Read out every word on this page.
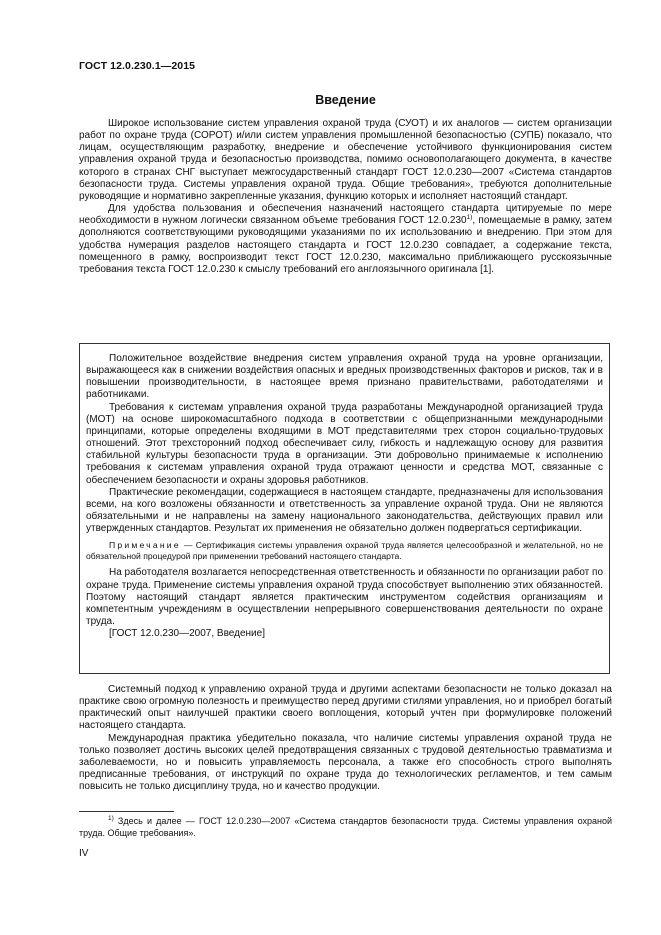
ГОСТ 12.0.230.1—2015
Введение

Широкое использование систем управления охраной труда (СУОТ) и их аналогов — систем организации работ по охране труда (СОРОТ) и/или систем управления промышленной безопасностью (СУПБ) показало, что лицам, осуществляющим разработку, внедрение и обеспечение устойчивого функционирования систем управления охраной труда и безопасностью производства, помимо основополагающего документа, в качестве которого в странах СНГ выступает межгосударственный стандарт ГОСТ 12.0.230—2007 «Система стандартов безопасности труда. Системы управления охраной труда. Общие требования», требуются дополнительные руководящие и нормативно закрепленные указания, функцию которых и исполняет настоящий стандарт.

Для удобства пользования и обеспечения назначений настоящего стандарта цитируемые по мере необходимости в нужном логически связанном объеме требования ГОСТ 12.0.230$^{1)}$, помещаемые в рамку, затем дополняются соответствующими руководящими указаниями по их использованию и внедрению. При этом для удобства нумерация разделов настоящего стандарта и ГОСТ 12.0.230 совпадает, а содержание текста, помещенного в рамку, воспроизводит текст ГОСТ 12.0.230, максимально приближающего русскоязычные требования текста ГОСТ 12.0.230 к смыслу требований его англоязычного оригинала [1].

Положительное воздействие внедрения систем управления охраной труда на уровне организации, выражающееся как в снижении воздействия опасных и вредных производственных факторов и рисков, так и в повышении производительности, в настоящее время признано правительствами, работодателями и работниками.

Требования к системам управления охраной труда разработаны Международной организацией труда (МОТ) на основе широкомасштабного подхода в соответствии с общепризнанными международными принципами, которые определены входящими в МОТ представителями трех сторон социально-трудовых отношений. Этот трехсторонний подход обеспечивает силу, гибкость и надлежащую основу для развития стабильной культуры безопасности труда в организации. Эти добровольно принимаемые к исполнению требования к системам управления охраной труда отражают ценности и средства МОТ, связанные с обеспечением безопасности и охраны здоровья работников.

Практические рекомендации, содержащиеся в настоящем стандарте, предназначены для использования всеми, на кого возложены обязанности и ответственность за управление охраной труда. Они не являются обязательными и не направлены на замену национального законодательства, действующих правил или утвержденных стандартов. Результат их применения не обязательно должен подвергаться сертификации.

Примечание — Сертификация системы управления охраной труда является целесообразной и желательной, но не обязательной процедурой при применении требований настоящего стандарта.

На работодателя возлагается непосредственная ответственность и обязанности по организации работ по охране труда. Применение системы управления охраной труда способствует выполнению этих обязанностей. Поэтому настоящий стандарт является практическим инструментом содействия организациям и компетентным учреждениям в осуществлении непрерывного совершенствования деятельности по охране труда.

[ГОСТ 12.0.230—2007, Введение]

Системный подход к управлению охраной труда и другими аспектами безопасности не только доказал на практике свою огромную полезность и преимущество перед другими стилями управления, но и приобрел богатый практический опыт наилучшей практики своего воплощения, который учтен при формулировке положений настоящего стандарта.

Международная практика убедительно показала, что наличие системы управления охраной труда не только позволяет достичь высоких целей предотвращения связанных с трудовой деятельностью травматизма и заболеваемости, но и повысить управляемость персонала, а также его способность строго выполнять предписанные требования, от инструкций по охране труда до технологических регламентов, и тем самым повысить не только дисциплину труда, но и качество продукции.

$^{1)}$ Здесь и далее — ГОСТ 12.0.230—2007 «Система стандартов безопасности труда. Системы управления охраной труда. Общие требования».

IV
